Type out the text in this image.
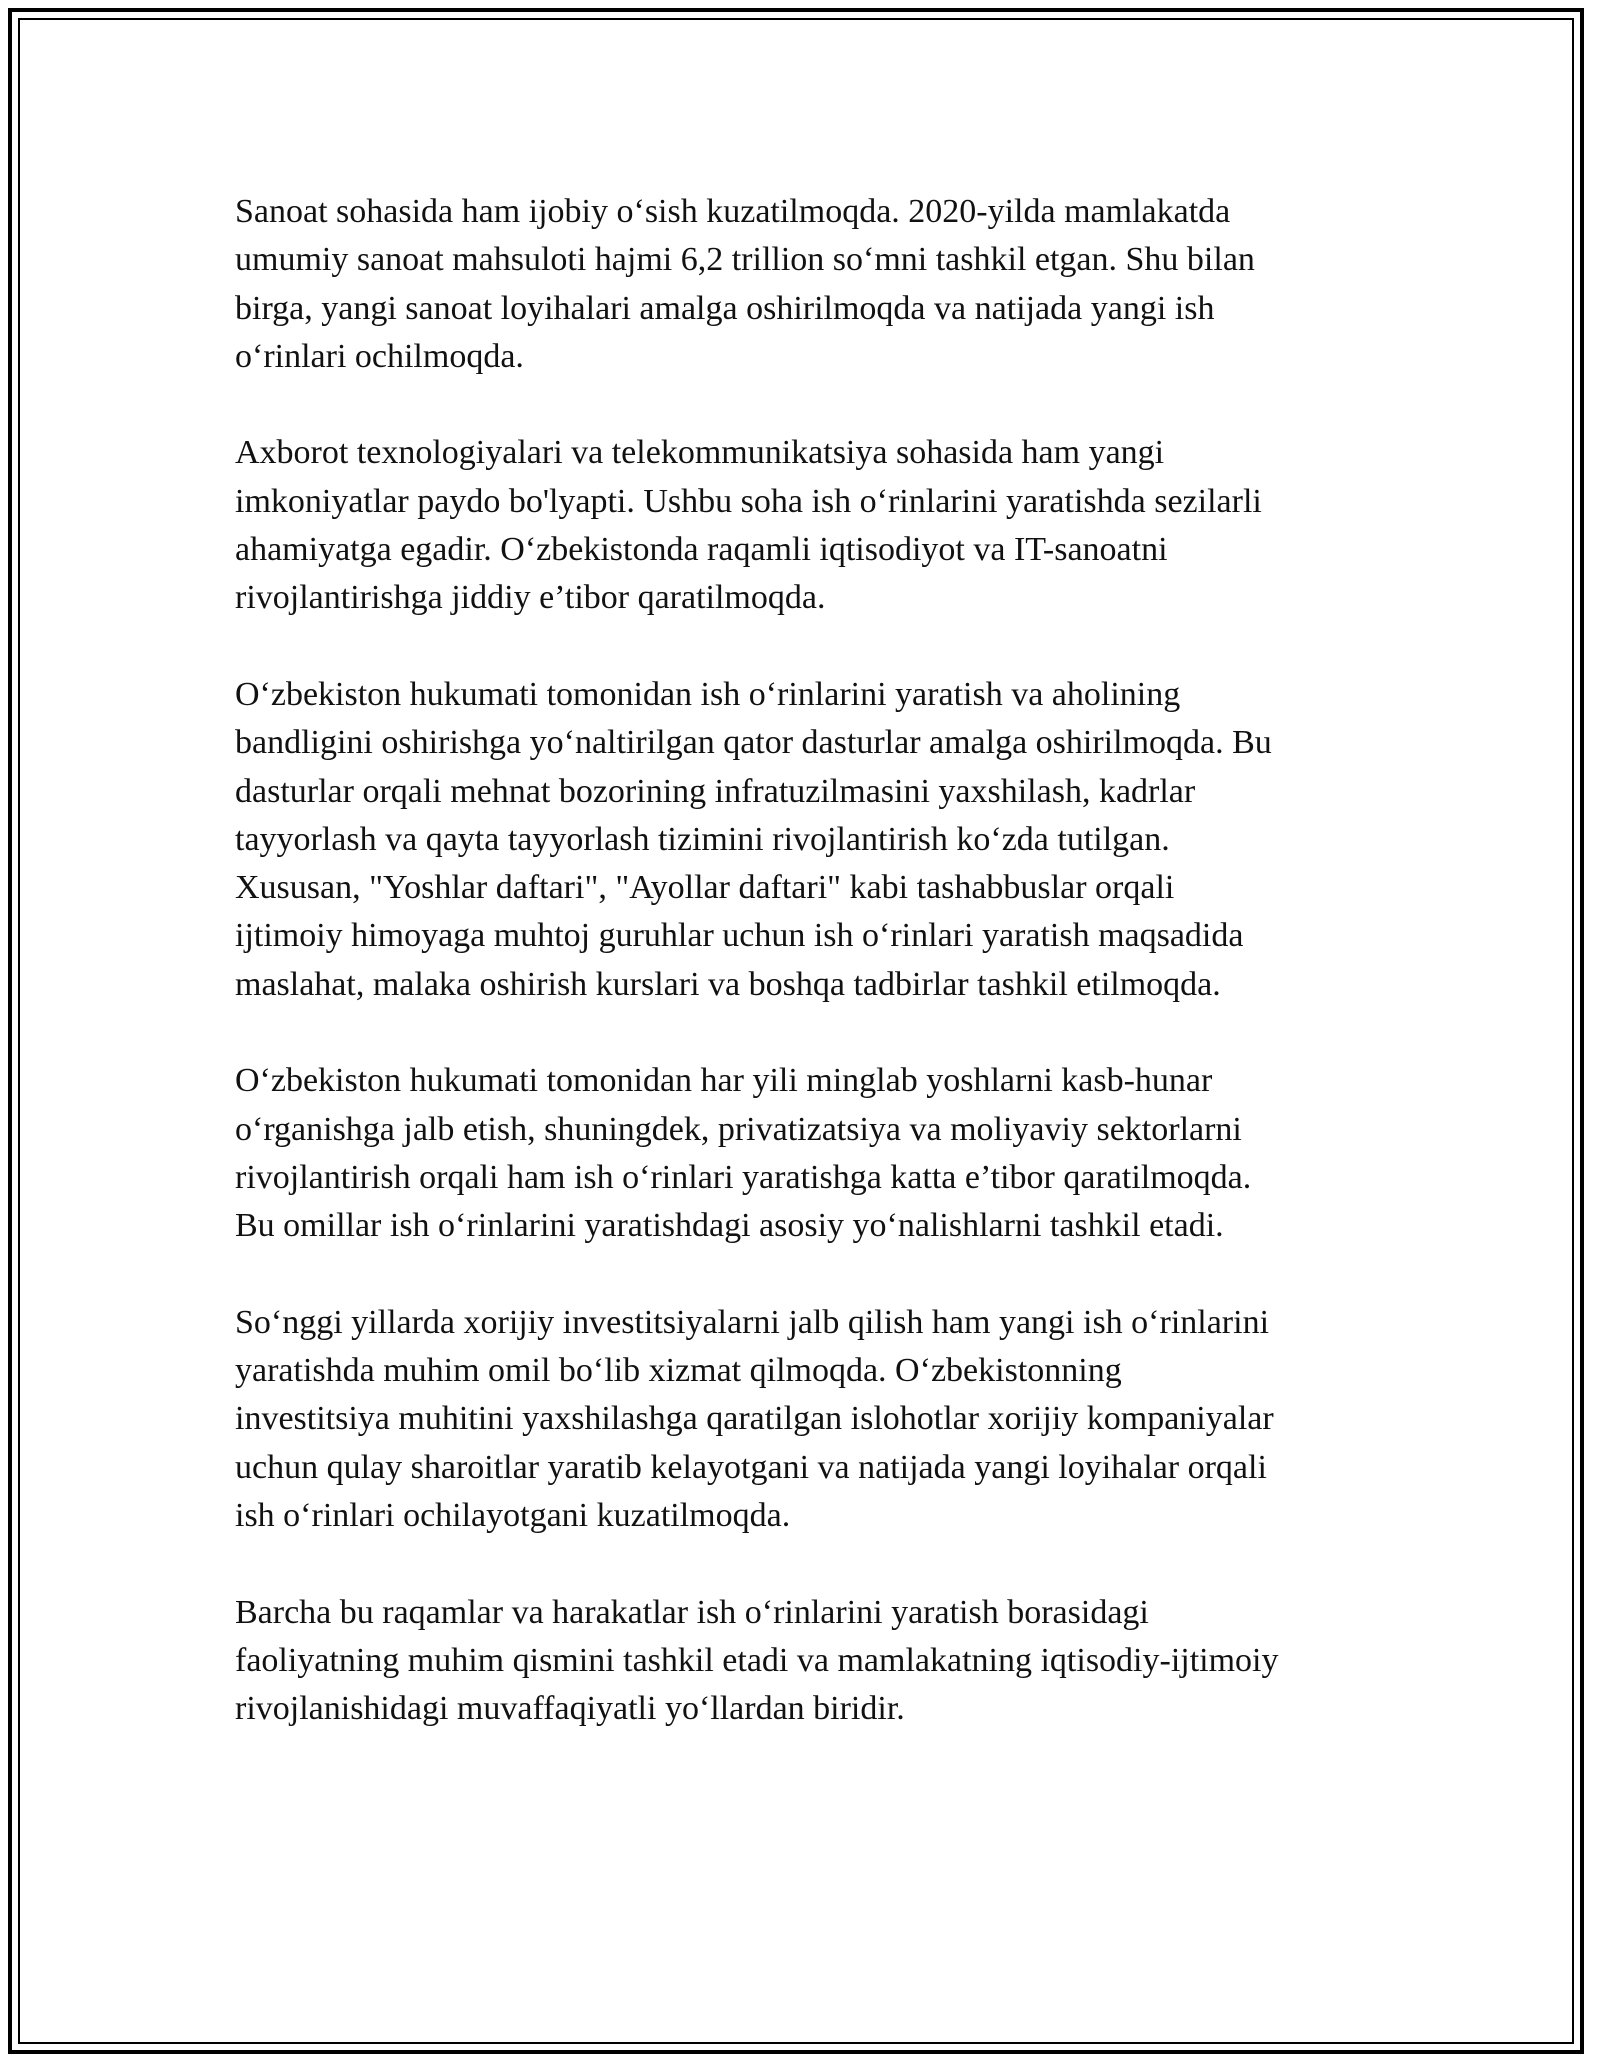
Sanoat sohasida ham ijobiy o‘sish kuzatilmoqda. 2020-yilda mamlakatda
umumiy sanoat mahsuloti hajmi 6,2 trillion so‘mni tashkil etgan. Shu bilan
birga, yangi sanoat loyihalari amalga oshirilmoqda va natijada yangi ish
o‘rinlari ochilmoqda.

Axborot texnologiyalari va telekommunikatsiya sohasida ham yangi
imkoniyatlar paydo bo'lyapti. Ushbu soha ish o‘rinlarini yaratishda sezilarli
ahamiyatga egadir. O‘zbekistonda raqamli iqtisodiyot va IT-sanoatni
rivojlantirishga jiddiy e’tibor qaratilmoqda.

O‘zbekiston hukumati tomonidan ish o‘rinlarini yaratish va aholining
bandligini oshirishga yo‘naltirilgan qator dasturlar amalga oshirilmoqda. Bu
dasturlar orqali mehnat bozorining infratuzilmasini yaxshilash, kadrlar
tayyorlash va qayta tayyorlash tizimini rivojlantirish ko‘zda tutilgan.
Xususan, "Yoshlar daftari", "Ayollar daftari" kabi tashabbuslar orqali
ijtimoiy himoyaga muhtoj guruhlar uchun ish o‘rinlari yaratish maqsadida
maslahat, malaka oshirish kurslari va boshqa tadbirlar tashkil etilmoqda.

O‘zbekiston hukumati tomonidan har yili minglab yoshlarni kasb-hunar
o‘rganishga jalb etish, shuningdek, privatizatsiya va moliyaviy sektorlarni
rivojlantirish orqali ham ish o‘rinlari yaratishga katta e’tibor qaratilmoqda.
Bu omillar ish o‘rinlarini yaratishdagi asosiy yo‘nalishlarni tashkil etadi.

So‘nggi yillarda xorijiy investitsiyalarni jalb qilish ham yangi ish o‘rinlarini
yaratishda muhim omil bo‘lib xizmat qilmoqda. O‘zbekistonning
investitsiya muhitini yaxshilashga qaratilgan islohotlar xorijiy kompaniyalar
uchun qulay sharoitlar yaratib kelayotgani va natijada yangi loyihalar orqali
ish o‘rinlari ochilayotgani kuzatilmoqda.

Barcha bu raqamlar va harakatlar ish o‘rinlarini yaratish borasidagi
faoliyatning muhim qismini tashkil etadi va mamlakatning iqtisodiy-ijtimoiy
rivojlanishidagi muvaffaqiyatli yo‘llardan biridir.
